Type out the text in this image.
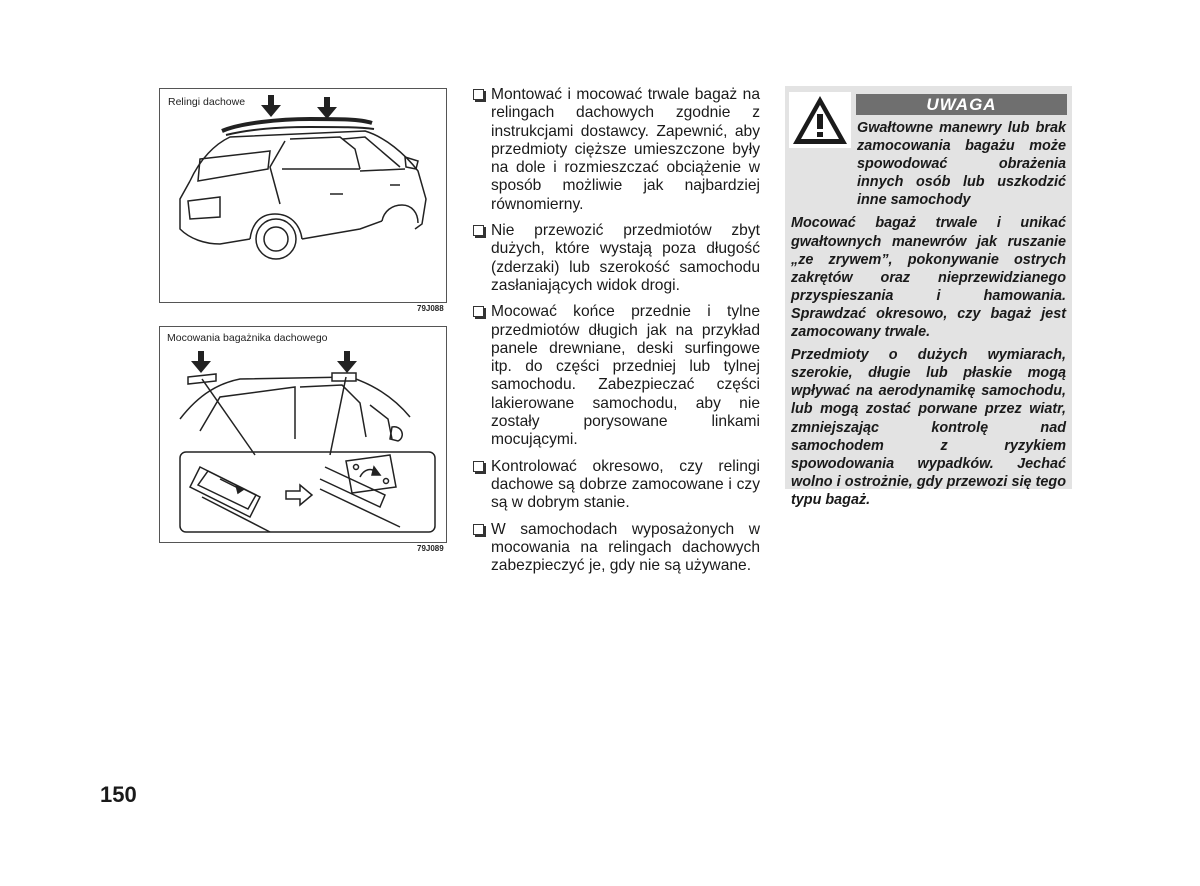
Relingi dachowe
79J088
Mocowania bagażnika dachowego
79J089
Montować i mocować trwale bagaż na relingach dachowych zgodnie z instrukcjami dostawcy. Zapewnić, aby przedmioty cięższe umieszczone były na dole i rozmieszczać obciążenie w sposób możliwie jak najbardziej równomierny.
Nie przewozić przedmiotów zbyt dużych, które wystają poza długość (zderzaki) lub szerokość samochodu zasłaniających widok drogi.
Mocować końce przednie i tylne przedmiotów długich jak na przykład panele drewniane, deski surfingowe itp. do części przedniej lub tylnej samochodu. Zabezpieczać części lakierowane samochodu, aby nie zostały porysowane linkami mocującymi.
Kontrolować okresowo, czy relingi dachowe są dobrze zamocowane i czy są w dobrym stanie.
W samochodach wyposażonych w mocowania na relingach dachowych zabezpieczyć je, gdy nie są używane.
UWAGA

Gwałtowne manewry lub brak zamocowania bagażu może spowodować obrażenia innych osób lub uszkodzić inne samochody

Mocować bagaż trwale i unikać gwałtownych manewrów jak ruszanie „ze zrywem”, pokonywanie ostrych zakrętów oraz nieprzewidzianego przyspieszania i hamowania. Sprawdzać okresowo, czy bagaż jest zamocowany trwale.

Przedmioty o dużych wymiarach, szerokie, długie lub płaskie mogą wpływać na aerodynamikę samochodu, lub mogą zostać porwane przez wiatr, zmniejszając kontrolę nad samochodem z ryzykiem spowodowania wypadków. Jechać wolno i ostrożnie, gdy przewozi się tego typu bagaż.

150
